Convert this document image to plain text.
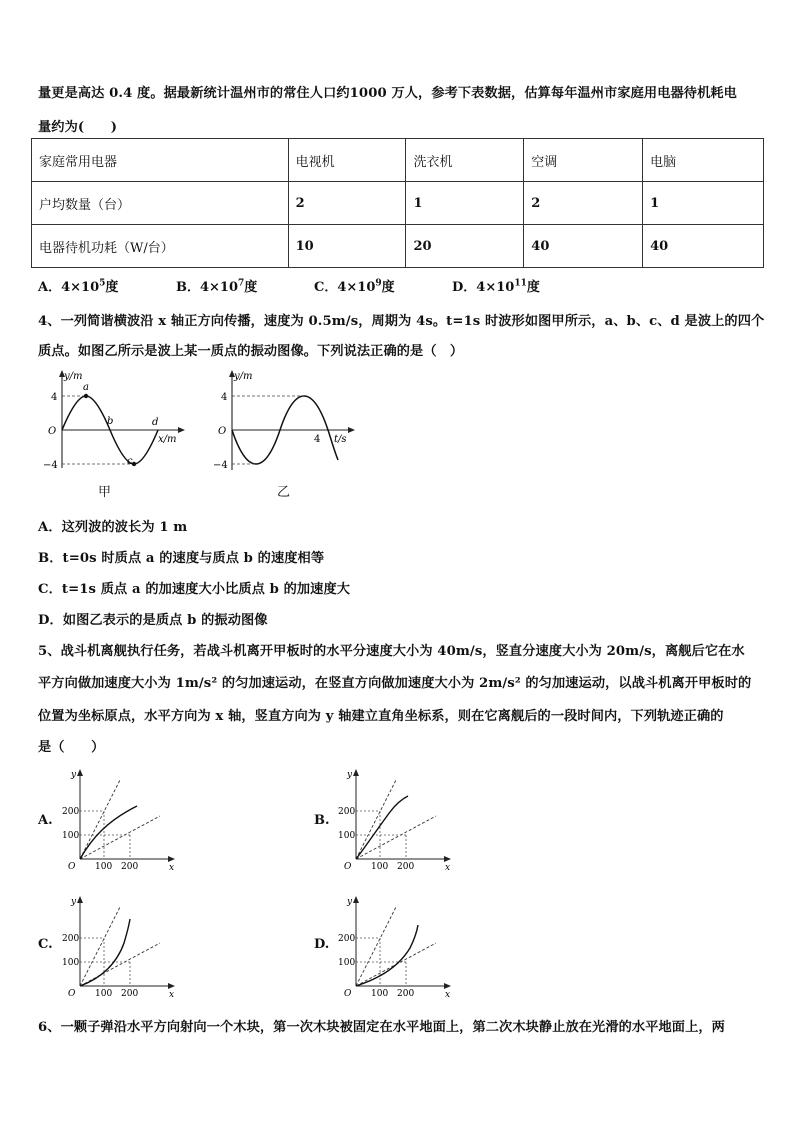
量更是高达 0.4 度。据最新统计温州市的常住人口约1000 万人，参考下表数据，估算每年温州市家庭用电器待机耗电
量约为(　　)
家庭常用电器	电视机	洗衣机	空调	电脑
户均数量（台）	2	1	2	1
电器待机功耗（W/台）	10	20	40	40
A．$4\times 10^5$度	B．$4\times 10^7$度	C．$4\times 10^9$度	D．$4\times 10^{11}$度
4、一列简谐横波沿 x 轴正方向传播，速度为 0.5m/s，周期为 4s。t=1s 时波形如图甲所示，a、b、c、d 是波上的四个
质点。如图乙所示是波上某一质点的振动图像。下列说法正确的是（　）
y/m
x/m
O
4
−4
a
b
c
d
甲
y/m
t/s
O
4
−4
4
乙
A．这列波的波长为 1 m
B．t=0s 时质点 a 的速度与质点 b 的速度相等
C．t=1s 质点 a 的加速度大小比质点 b 的加速度大
D．如图乙表示的是质点 b 的振动图像
5、战斗机离舰执行任务，若战斗机离开甲板时的水平分速度大小为 40m/s，竖直分速度大小为 20m/s，离舰后它在水
平方向做加速度大小为 1m/s² 的匀加速运动，在竖直方向做加速度大小为 2m/s² 的匀加速运动，以战斗机离开甲板时的
位置为坐标原点，水平方向为 x 轴，竖直方向为 y 轴建立直角坐标系，则在它离舰后的一段时间内，下列轨迹正确的
是（　　）
A.	B.
C.	D.
y
x
O
200
100
100 200
y
x
O
200
100
100 200
y
x
O
200
100
100 200
y
x
O
200
100
100 200
6、一颗子弹沿水平方向射向一个木块，第一次木块被固定在水平地面上，第二次木块静止放在光滑的水平地面上，两
